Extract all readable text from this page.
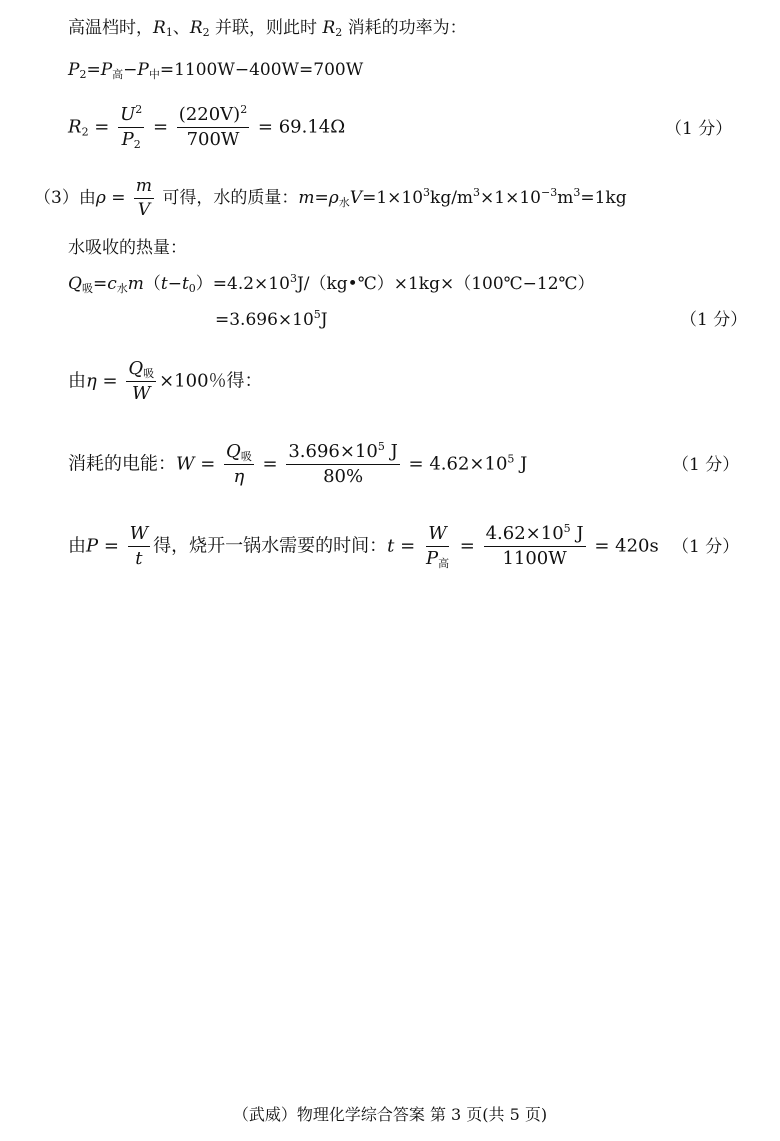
高温档时，$R_1$、$R_2$ 并联，则此时 $R_2$ 消耗的功率为：
$P_2=P_高-P_中=1100W-400W=700W$
$R_2 = \frac{U^2}{P_2} = \frac{(220V)^2}{700W} = 69.14\Omega$	（1 分）
（3）由$\rho = \frac{m}{V}$ 可得，水的质量：$m=\rho_水V=1\times 10^3kg/m^3\times 1\times 10^{-3}m^3=1kg$
水吸收的热量：
$Q_吸=c_水m(t-t_0)=4.2\times 10^3J/(kg•℃)\times 1kg\times(100℃-12℃)$
$=3.696\times 10^5J$	（1 分）
由$\eta = \frac{Q_吸}{W} \times 100$％得：
消耗的电能：$W = \frac{Q_吸}{\eta} = \frac{3.696\times 10^5 J}{80\%} = 4.62\times 10^5$ J	（1 分）
由$P = \frac{W}{t}$ 得，烧开一锅水需要的时间：$t = \frac{W}{P_高} = \frac{4.62\times 10^5 J}{1100W} = 420s$ （1 分）
（武威）物理化学综合答案 第 3 页(共 5 页)
